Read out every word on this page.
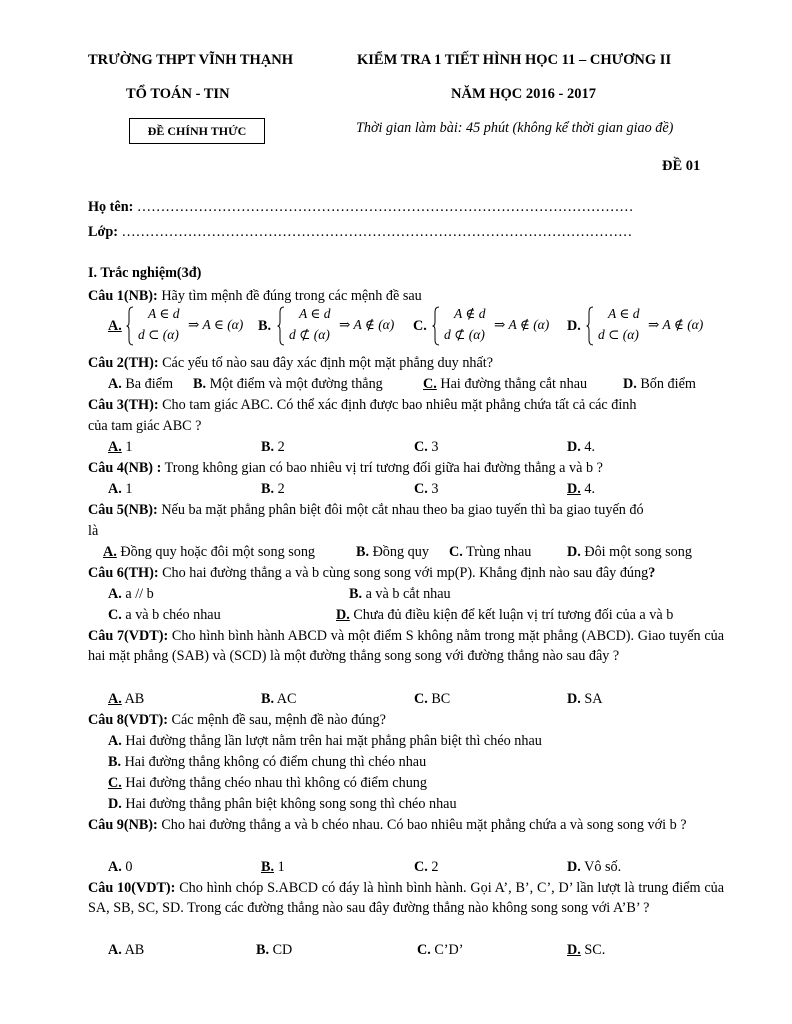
TRƯỜNG THPT VĨNH THẠNH	KIỂM TRA 1 TIẾT HÌNH HỌC 11 – CHƯƠNG II
TỔ TOÁN - TIN	NĂM HỌC 2016 - 2017
ĐỀ CHÍNH THỨC	Thời gian làm bài: 45 phút (không kể thời gian giao đề)
ĐỀ 01
Họ tên: ……………………………………………………………………………………………
Lớp: ………………………………………………………………………………………………
I. Trắc nghiệm(3đ)
Câu 1(NB): Hãy tìm mệnh đề đúng trong các mệnh đề sau
A.
A ∈ d
d ⊂ (α)
⇒ A ∈ (α) B.
A ∈ d
d ⊄ (α)
⇒ A ∉ (α) C.
A ∉ d
d ⊄ (α)
⇒ A ∉ (α) D.
A ∈ d
d ⊂ (α)
⇒ A ∉ (α)
Câu 2(TH): Các yếu tố nào sau đây xác định một mặt phẳng duy nhất?
A. Ba điểm B. Một điểm và một đường thẳng	C. Hai đường thẳng cắt nhau	D. Bốn điểm
Câu 3(TH): Cho tam giác ABC. Có thể xác định được bao nhiêu mặt phẳng chứa tất cả các đỉnh
của tam giác ABC ?
A. 1	B. 2	C. 3	D. 4.
Câu 4(NB) : Trong không gian có bao nhiêu vị trí tương đối giữa hai đường thẳng a và b ?
A. 1	B. 2	C. 3	D. 4.
Câu 5(NB): Nếu ba mặt phẳng phân biệt đôi một cắt nhau theo ba giao tuyến thì ba giao tuyến đó
là
A. Đồng quy hoặc đôi một song song	B. Đồng quy C. Trùng nhau	D. Đôi một song song
Câu 6(TH): Cho hai đường thẳng a và b cùng song song với mp(P). Khẳng định nào sau đây đúng?
A. a // b	B. a và b cắt nhau
C. a và b chéo nhau	D. Chưa đủ điều kiện để kết luận vị trí tương đối của a và b
Câu 7(VDT): Cho hình bình hành ABCD và một điểm S không nằm trong mặt phẳng (ABCD). Giao tuyến của hai mặt phẳng (SAB) và (SCD) là một đường thẳng song song với đường thẳng nào sau đây ?
A. AB	B. AC	C. BC	D. SA
Câu 8(VDT): Các mệnh đề sau, mệnh đề nào đúng?
A. Hai đường thẳng lần lượt nằm trên hai mặt phẳng phân biệt thì chéo nhau
B. Hai đường thẳng không có điểm chung thì chéo nhau
C. Hai đường thẳng chéo nhau thì không có điểm chung
D. Hai đường thẳng phân biệt không song song thì chéo nhau
Câu 9(NB): Cho hai đường thẳng a và b chéo nhau. Có bao nhiêu mặt phẳng chứa a và song song với b ?
A. 0	B. 1	C. 2	D. Vô số.
Câu 10(VDT): Cho hình chóp S.ABCD có đáy là hình bình hành. Gọi A’, B’, C’, D’ lần lượt là trung điểm của SA, SB, SC, SD. Trong các đường thẳng nào sau đây đường thẳng nào không song song với A’B’ ?
A. AB	B. CD	C. C’D’	D. SC.
